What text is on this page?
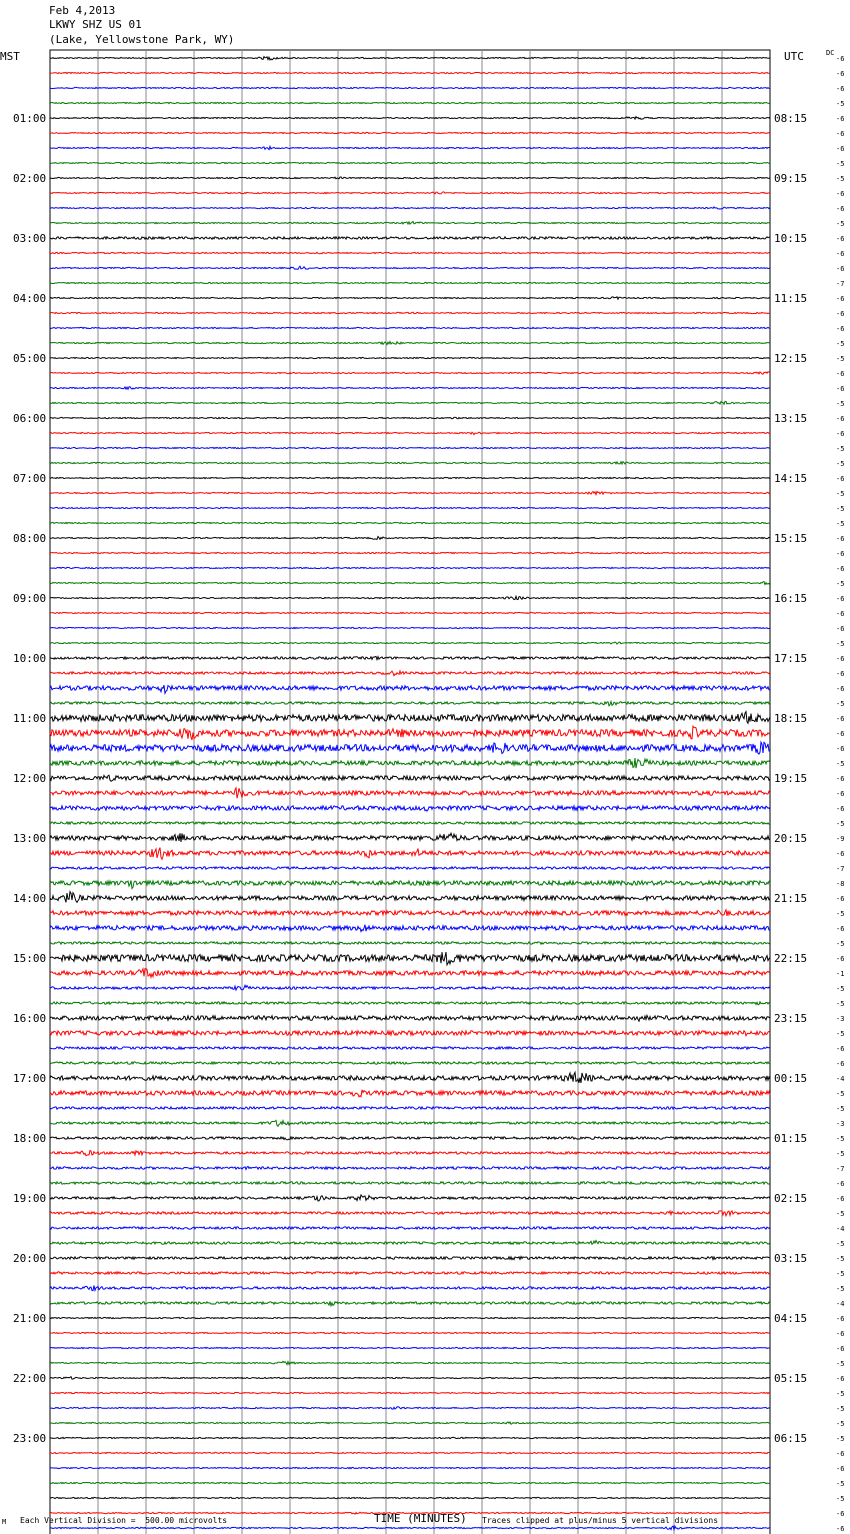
Feb 4,2013
LKWY SHZ US 01
(Lake, Yellowstone Park, WY)
MST	UTC	DC
-6
-6
-6
-5
-6
-6
-6
-5
-5
-6
-6
-5
-6
-6
-6
-7
-6
-6
-6
-5
-5
-6
-6
-5
-6
-6
-5
-5
-6
-5
-5
-5
-6
-6
-6
-5
-6
-6
-6
-5
-6
-6
-6
-5
-6
-6
-6
-5
-6
-6
-6
-5
-9
-6
-7
-8
-6
-5
-6
-5
-6
-1
-5
-5
-3
-5
-6
-6
-4
-5
-5
-3
-5
-5
-7
-6
-6
-5
-4
-5
-5
-5
-5
-4
-6
-6
-6
-5
-6
-5
-5
-5
-5
-6
-6
-5
-5
-6
-6
01:00
02:00
03:00
04:00
05:00
06:00
07:00
08:00
09:00
10:00
11:00
12:00
13:00
14:00
15:00
16:00
17:00
18:00
19:00
20:00
21:00
22:00
23:00
08:15
09:15
10:15
11:15
12:15
13:15
14:15
15:15
16:15
17:15
18:15
19:15
20:15
21:15
22:15
23:15
00:15
01:15
02:15
03:15
04:15
05:15
06:15
M Each Vertical Division =  500.00 microvolts	TIME (MINUTES) Traces clipped at plus/minus 5 vertical divisions
